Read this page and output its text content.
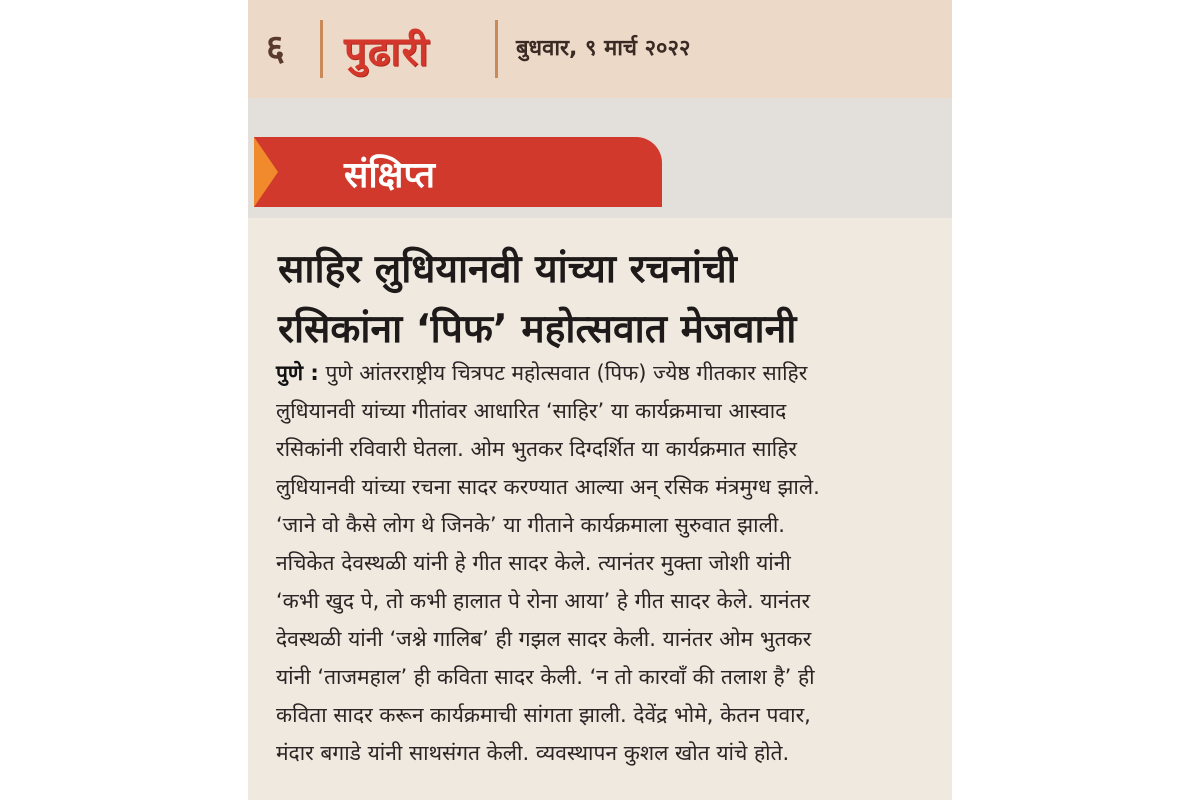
६ पुढारी	बुधवार, ९ मार्च २०२२
संक्षिप्त
साहिर लुधियानवी यांच्या रचनांची
रसिकांना ‘पिफ’ महोत्सवात मेजवानी
पुणे : पुणे आंतरराष्ट्रीय चित्रपट महोत्सवात (पिफ) ज्येष्ठ गीतकार साहिर
लुधियानवी यांच्या गीतांवर आधारित ‘साहिर’ या कार्यक्रमाचा आस्वाद
रसिकांनी रविवारी घेतला. ओम भुतकर दिग्दर्शित या कार्यक्रमात साहिर
लुधियानवी यांच्या रचना सादर करण्यात आल्या अन् रसिक मंत्रमुग्ध झाले.
‘जाने वो कैसे लोग थे जिनके’ या गीताने कार्यक्रमाला सुरुवात झाली.
नचिकेत देवस्थळी यांनी हे गीत सादर केले. त्यानंतर मुक्ता जोशी यांनी
‘कभी खुद पे, तो कभी हालात पे रोना आया’ हे गीत सादर केले. यानंतर
देवस्थळी यांनी ‘जश्ने गालिब’ ही गझल सादर केली. यानंतर ओम भुतकर
यांनी ‘ताजमहाल’ ही कविता सादर केली. ‘न तो कारवाँ की तलाश है’ ही
कविता सादर करून कार्यक्रमाची सांगता झाली. देवेंद्र भोमे, केतन पवार,
मंदार बगाडे यांनी साथसंगत केली. व्यवस्थापन कुशल खोत यांचे होते.
